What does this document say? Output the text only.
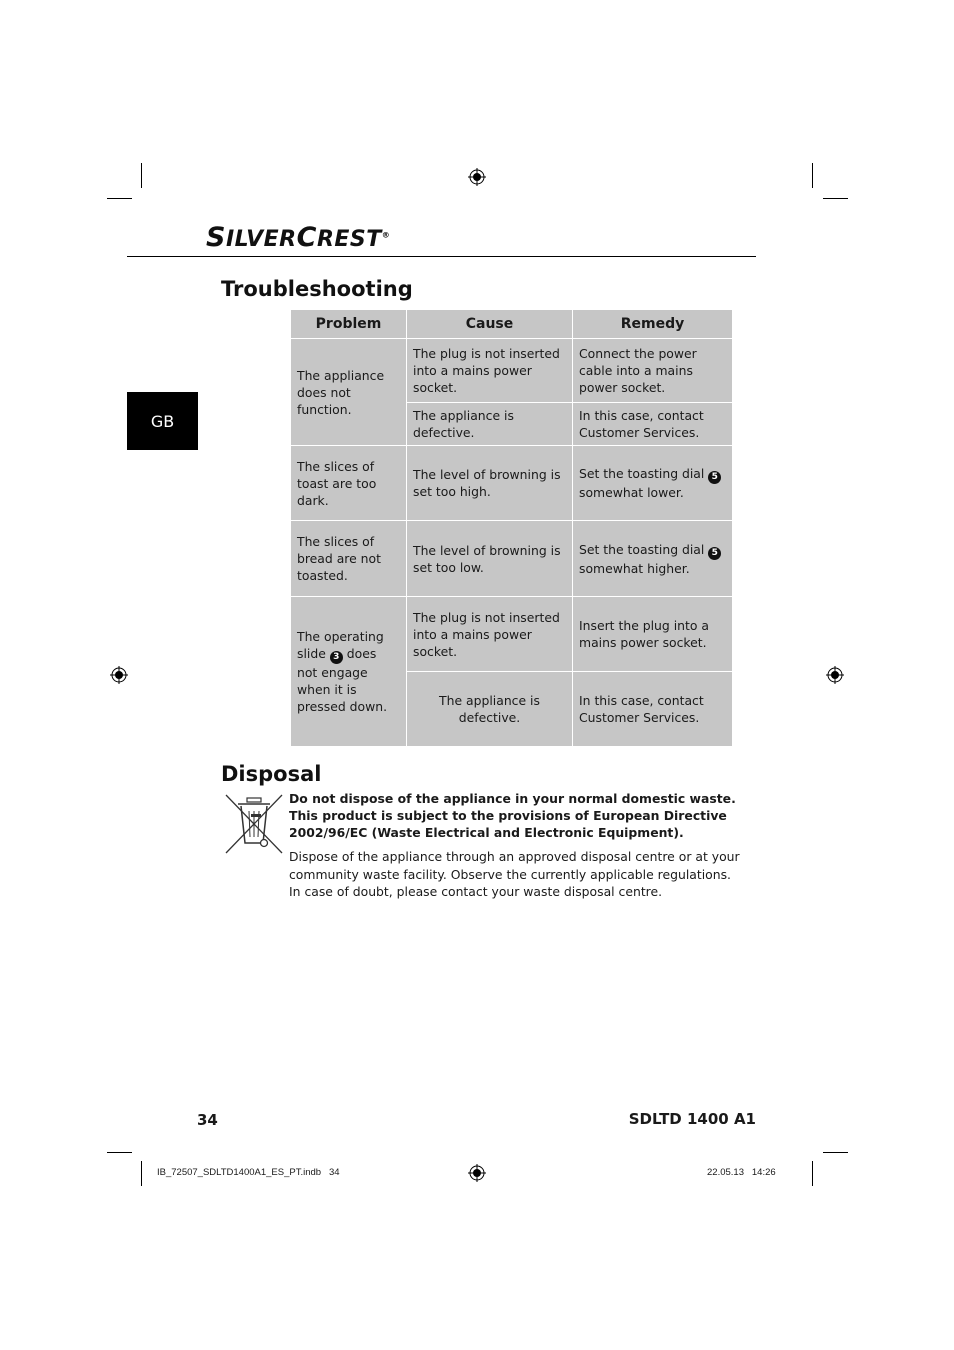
SILVERCREST®
GB
Troubleshooting
Problem	Cause	Remedy
The appliance does not function.	The plug is not inserted into a mains power socket.	Connect the power cable into a mains power socket.
	The appliance is defective.	In this case, contact Customer Services.
The slices of toast are too dark.	The level of browning is set too high.	Set the toasting dial 5 somewhat lower.
The slices of bread are not toasted.	The level of browning is set too low.	Set the toasting dial 5 somewhat higher.
The operating slide 3 does not engage when it is pressed down.	The plug is not inserted into a mains power socket.	Insert the plug into a mains power socket.
	The appliance is defective.	In this case, contact Customer Services.
Disposal
Do not dispose of the appliance in your normal domestic waste.
This product is subject to the provisions of European Directive
2002/96/EC (Waste Electrical and Electronic Equipment).
Dispose of the appliance through an approved disposal centre or at your
community waste facility. Observe the currently applicable regulations.
In case of doubt, please contact your waste disposal centre.
34	SDLTD 1400 A1
IB_72507_SDLTD1400A1_ES_PT.indb   34	22.05.13   14:26
